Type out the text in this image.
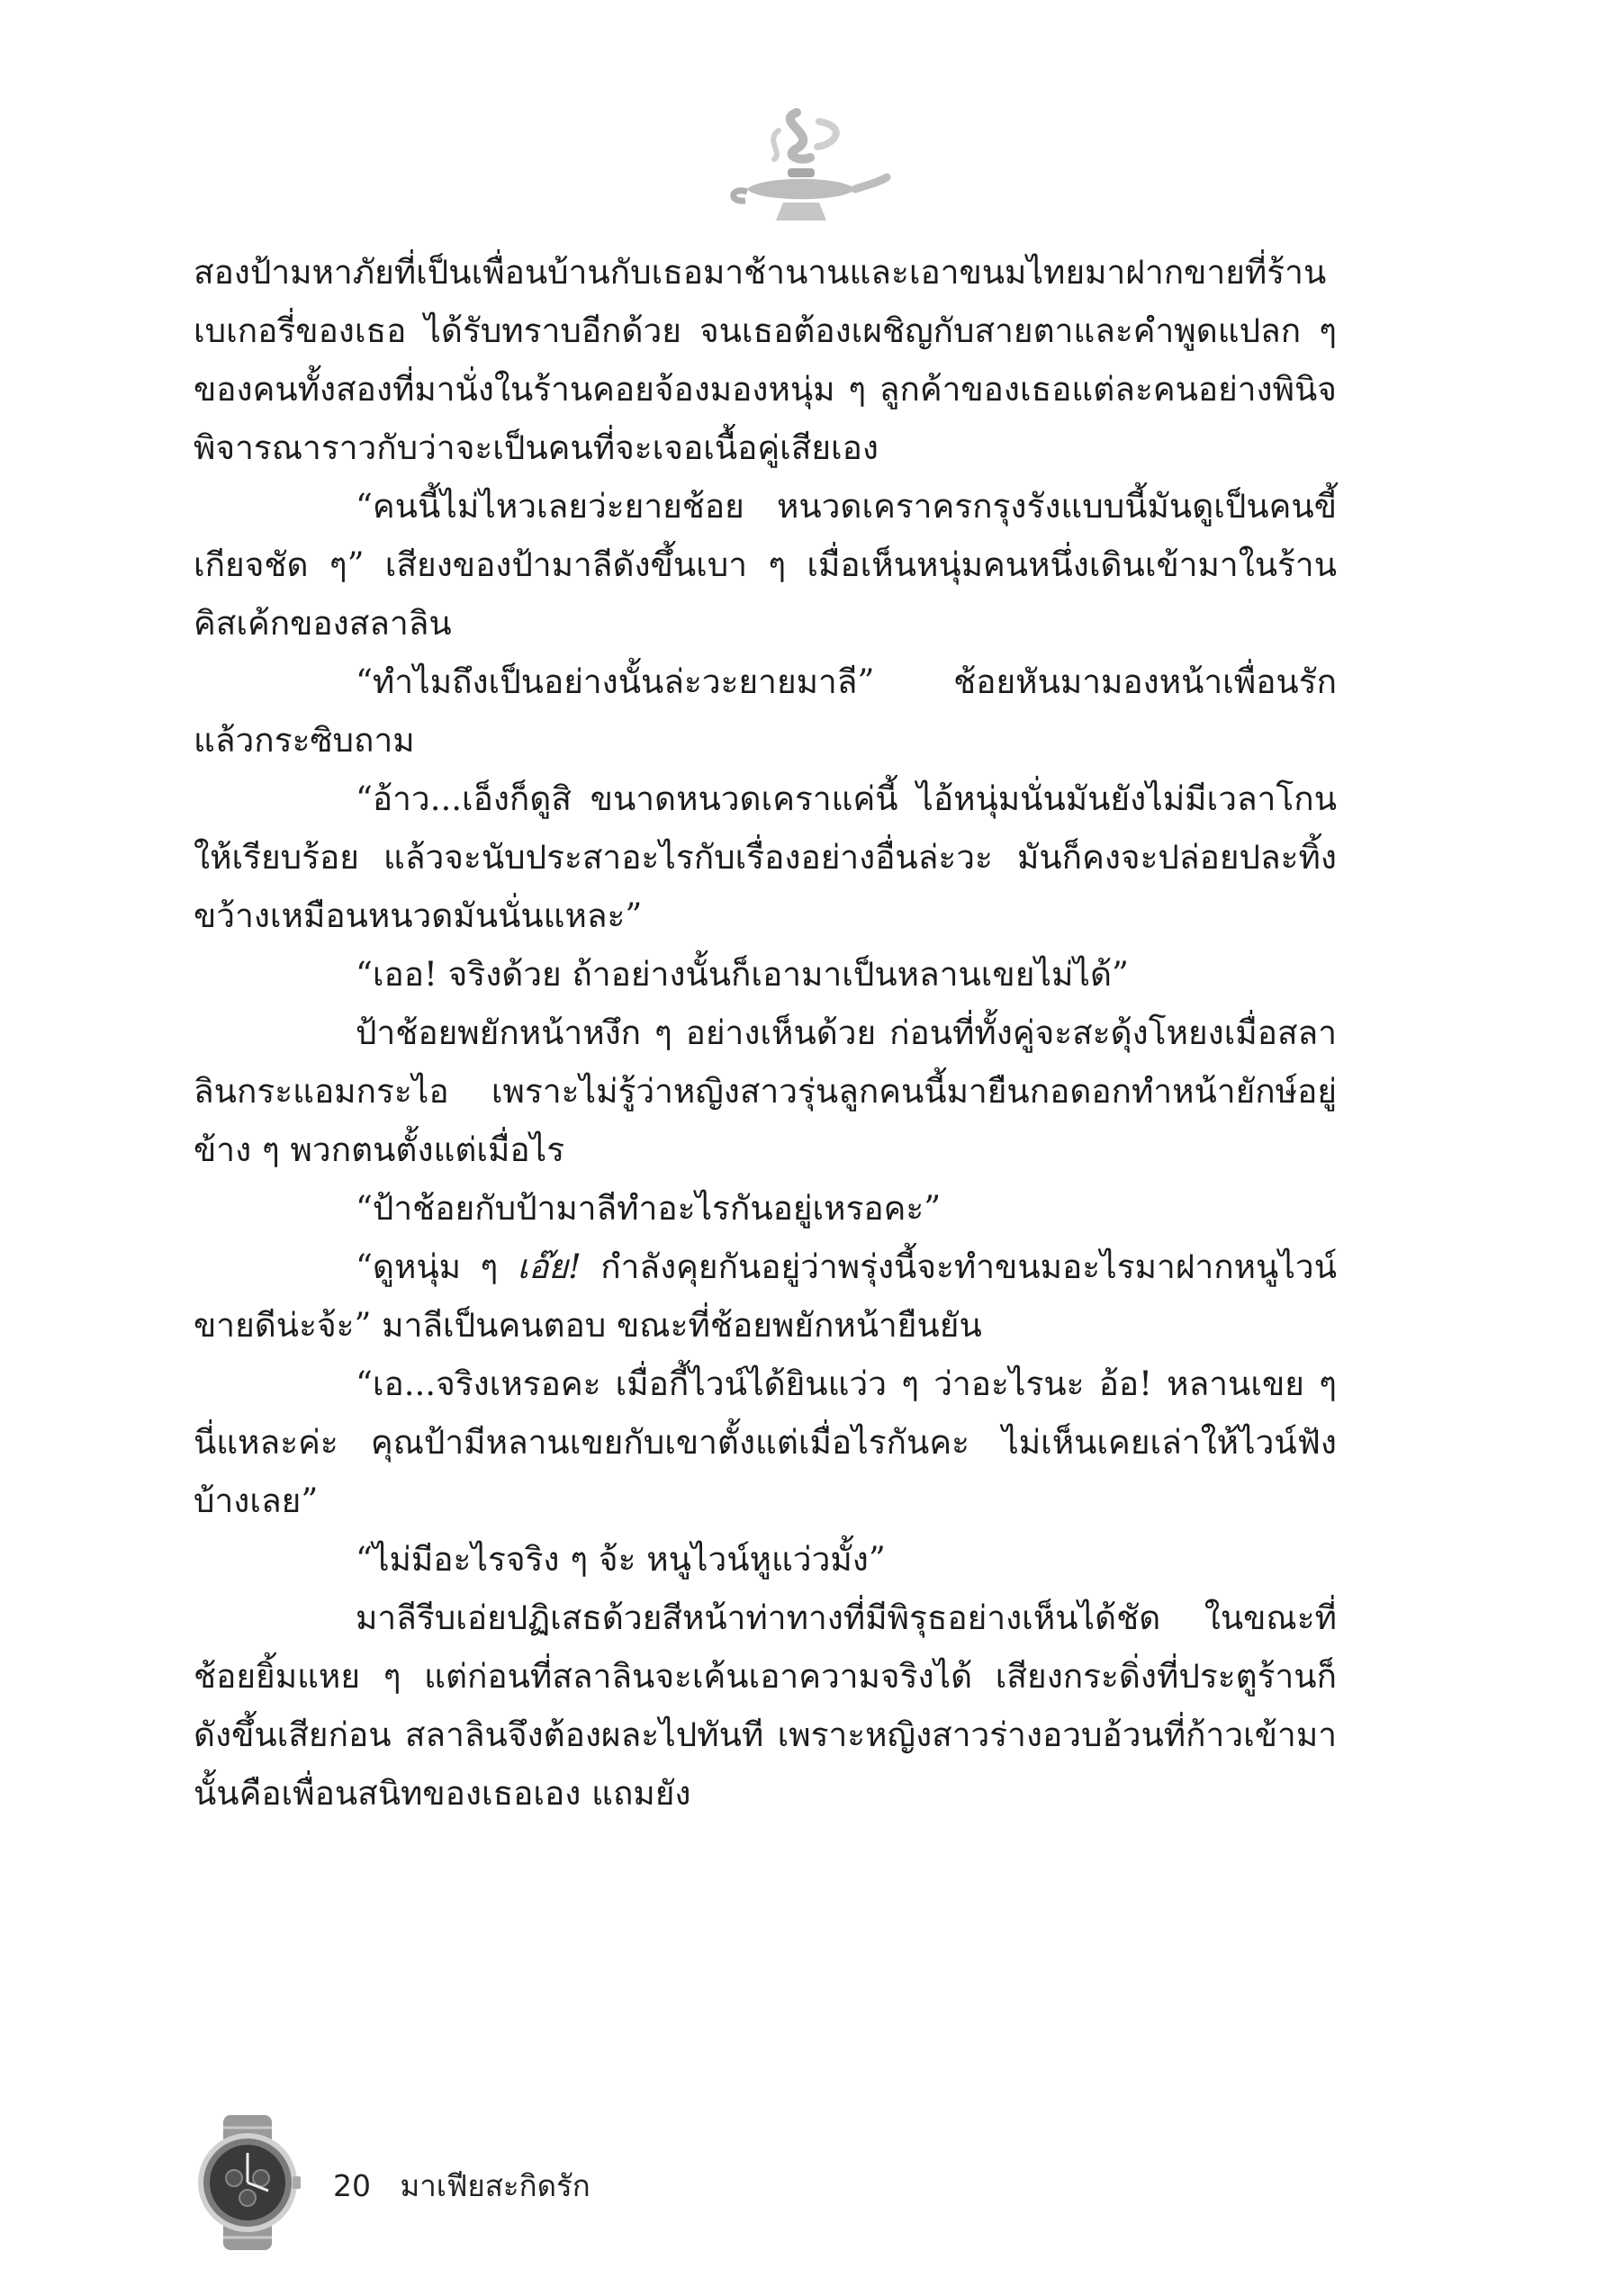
สองป้ามหาภัยที่เป็นเพื่อนบ้านกับเธอมาช้านานและเอาขนมไทยมาฝากขายที่ร้านเบเกอรี่ของเธอ ได้รับทราบอีกด้วย จนเธอต้องเผชิญกับสายตาและคำพูดแปลก ๆ ของคนทั้งสองที่มานั่งในร้านคอยจ้องมองหนุ่ม ๆ ลูกค้าของเธอแต่ละคนอย่างพินิจพิจารณาราวกับว่าจะเป็นคนที่จะเจอเนื้อคู่เสียเอง

“คนนี้ไม่ไหวเลยว่ะยายช้อย หนวดเคราครกรุงรังแบบนี้มันดูเป็นคนขี้เกียจชัด ๆ” เสียงของป้ามาลีดังขึ้นเบา ๆ เมื่อเห็นหนุ่มคนหนึ่งเดินเข้ามาในร้านคิสเค้กของสลาลิน

“ทำไมถึงเป็นอย่างนั้นล่ะวะยายมาลี” ช้อยหันมามองหน้าเพื่อนรักแล้วกระซิบถาม

“อ้าว...เอ็งก็ดูสิ ขนาดหนวดเคราแค่นี้ ไอ้หนุ่มนั่นมันยังไม่มีเวลาโกนให้เรียบร้อย แล้วจะนับประสาอะไรกับเรื่องอย่างอื่นล่ะวะ มันก็คงจะปล่อยปละทิ้งขว้างเหมือนหนวดมันนั่นแหละ”

“เออ! จริงด้วย ถ้าอย่างนั้นก็เอามาเป็นหลานเขยไม่ได้”

ป้าช้อยพยักหน้าหงึก ๆ อย่างเห็นด้วย ก่อนที่ทั้งคู่จะสะดุ้งโหยงเมื่อสลาลินกระแอมกระไอ เพราะไม่รู้ว่าหญิงสาวรุ่นลูกคนนี้มายืนกอดอกทำหน้ายักษ์อยู่ข้าง ๆ พวกตนตั้งแต่เมื่อไร

“ป้าช้อยกับป้ามาลีทำอะไรกันอยู่เหรอคะ”

“ดูหนุ่ม ๆ เอ๊ย! กำลังคุยกันอยู่ว่าพรุ่งนี้จะทำขนมอะไรมาฝากหนูไวน์ขายดีน่ะจ้ะ” มาลีเป็นคนตอบ ขณะที่ช้อยพยักหน้ายืนยัน

“เอ...จริงเหรอคะ เมื่อกี้ไวน์ได้ยินแว่ว ๆ ว่าอะไรนะ อ้อ! หลานเขย ๆ นี่แหละค่ะ คุณป้ามีหลานเขยกับเขาตั้งแต่เมื่อไรกันคะ ไม่เห็นเคยเล่าให้ไวน์ฟังบ้างเลย”

“ไม่มีอะไรจริง ๆ จ้ะ หนูไวน์หูแว่วมั้ง”

มาลีรีบเอ่ยปฏิเสธด้วยสีหน้าท่าทางที่มีพิรุธอย่างเห็นได้ชัด ในขณะที่ช้อยยิ้มแหย ๆ แต่ก่อนที่สลาลินจะเค้นเอาความจริงได้ เสียงกระดิ่งที่ประตูร้านก็ดังขึ้นเสียก่อน สลาลินจึงต้องผละไปทันที เพราะหญิงสาวร่างอวบอ้วนที่ก้าวเข้ามานั้นคือเพื่อนสนิทของเธอเอง แถมยัง

20 มาเฟียสะกิดรัก
